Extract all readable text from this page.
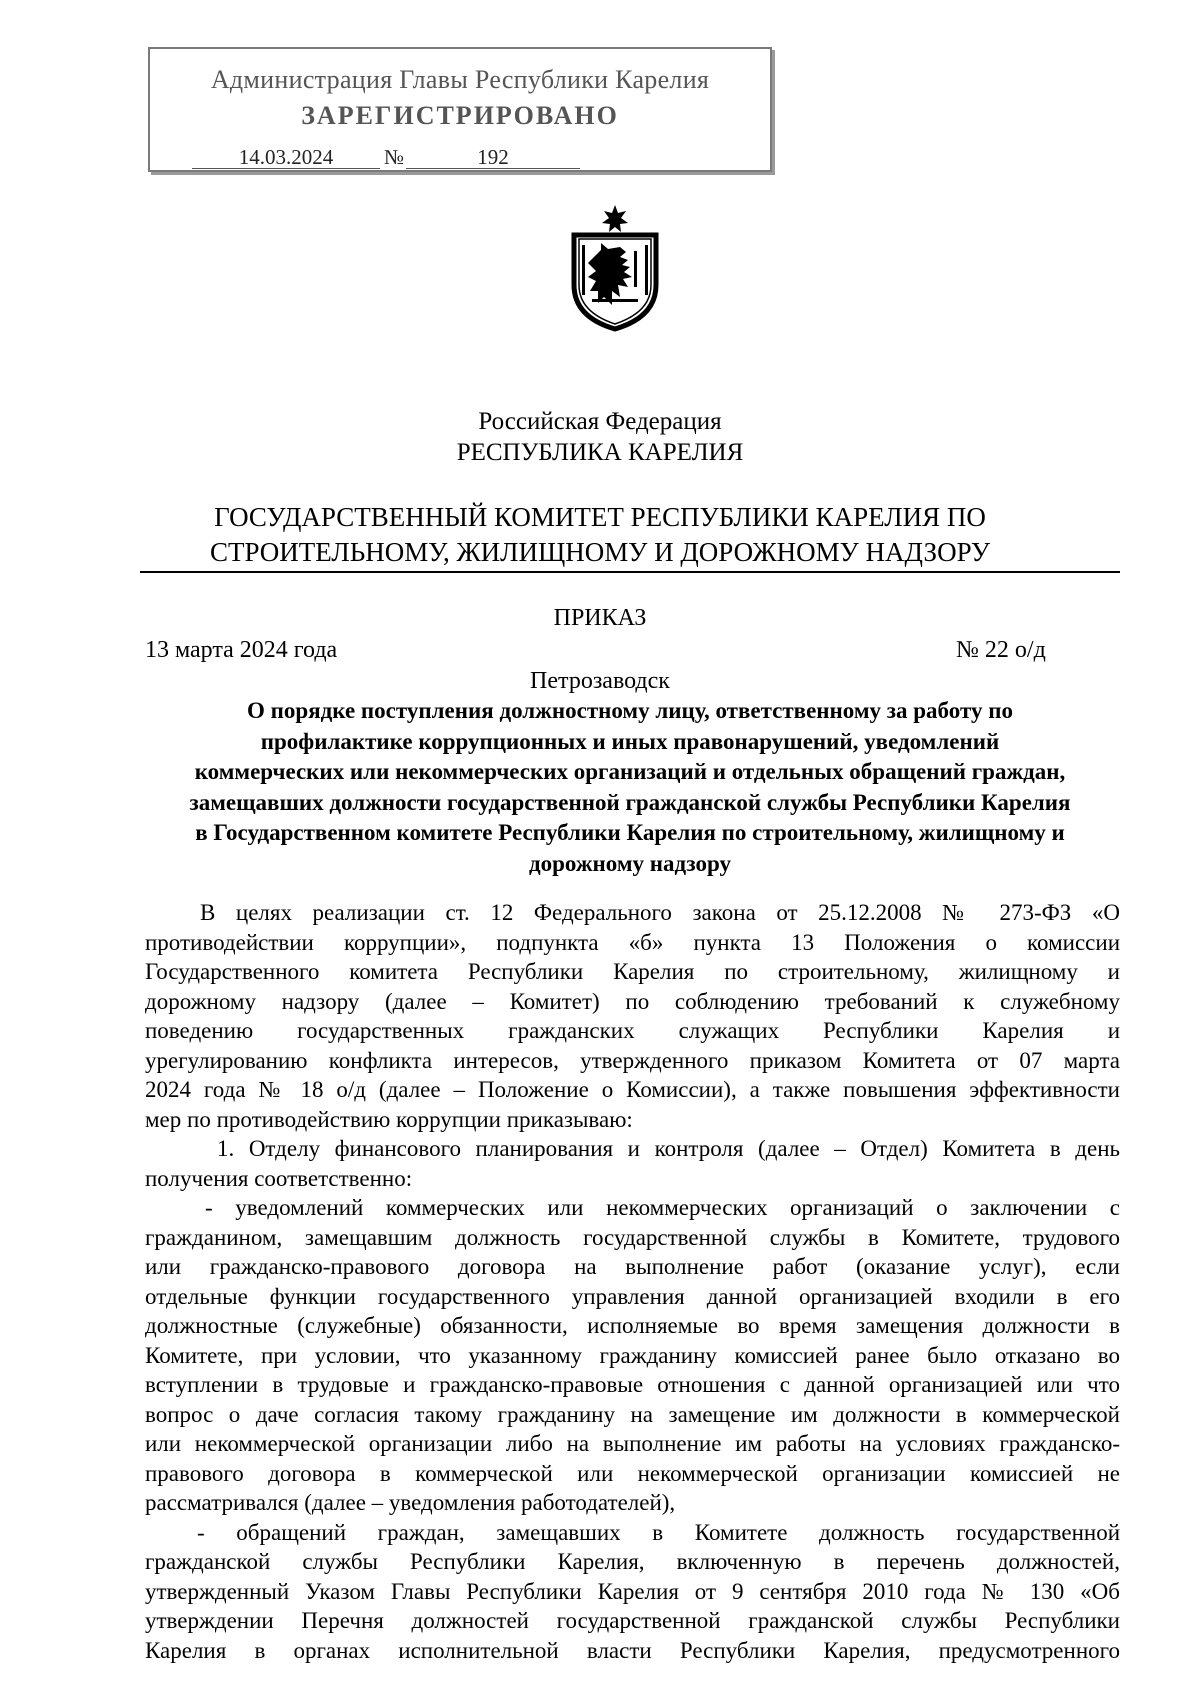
Администрация Главы Республики Карелия
ЗАРЕГИСТРИРОВАНО
14.03.2024	№	192
Российская Федерация
РЕСПУБЛИКА КАРЕЛИЯ
ГОСУДАРСТВЕННЫЙ КОМИТЕТ РЕСПУБЛИКИ КАРЕЛИЯ ПО
СТРОИТЕЛЬНОМУ, ЖИЛИЩНОМУ И ДОРОЖНОМУ НАДЗОРУ
ПРИКАЗ
13 марта 2024 года	№ 22 о/д
Петрозаводск
О порядке поступления должностному лицу, ответственному за работу по
профилактике коррупционных и иных правонарушений, уведомлений
коммерческих или некоммерческих организаций и отдельных обращений граждан,
замещавших должности государственной гражданской службы Республики Карелия
в Государственном комитете Республики Карелия по строительному, жилищному и
дорожному надзору
В целях реализации ст. 12 Федерального закона от 25.12.2008 № 273-ФЗ «О
противодействии коррупции», подпункта «б» пункта 13 Положения о комиссии
Государственного комитета Республики Карелия по строительному, жилищному и
дорожному надзору (далее – Комитет) по соблюдению требований к служебному
поведению государственных гражданских служащих Республики Карелия и
урегулированию конфликта интересов, утвержденного приказом Комитета от 07 марта
2024 года № 18 о/д (далее – Положение о Комиссии), а также повышения эффективности
мер по противодействию коррупции приказываю:
1. Отделу финансового планирования и контроля (далее – Отдел) Комитета в день
получения соответственно:
- уведомлений коммерческих или некоммерческих организаций о заключении с
гражданином, замещавшим должность государственной службы в Комитете, трудового
или гражданско-правового договора на выполнение работ (оказание услуг), если
отдельные функции государственного управления данной организацией входили в его
должностные (служебные) обязанности, исполняемые во время замещения должности в
Комитете, при условии, что указанному гражданину комиссией ранее было отказано во
вступлении в трудовые и гражданско-правовые отношения с данной организацией или что
вопрос о даче согласия такому гражданину на замещение им должности в коммерческой
или некоммерческой организации либо на выполнение им работы на условиях гражданско-
правового договора в коммерческой или некоммерческой организации комиссией не
рассматривался (далее – уведомления работодателей),
- обращений граждан, замещавших в Комитете должность государственной
гражданской службы Республики Карелия, включенную в перечень должностей,
утвержденный Указом Главы Республики Карелия от 9 сентября 2010 года № 130 «Об
утверждении Перечня должностей государственной гражданской службы Республики
Карелия в органах исполнительной власти Республики Карелия, предусмотренного
